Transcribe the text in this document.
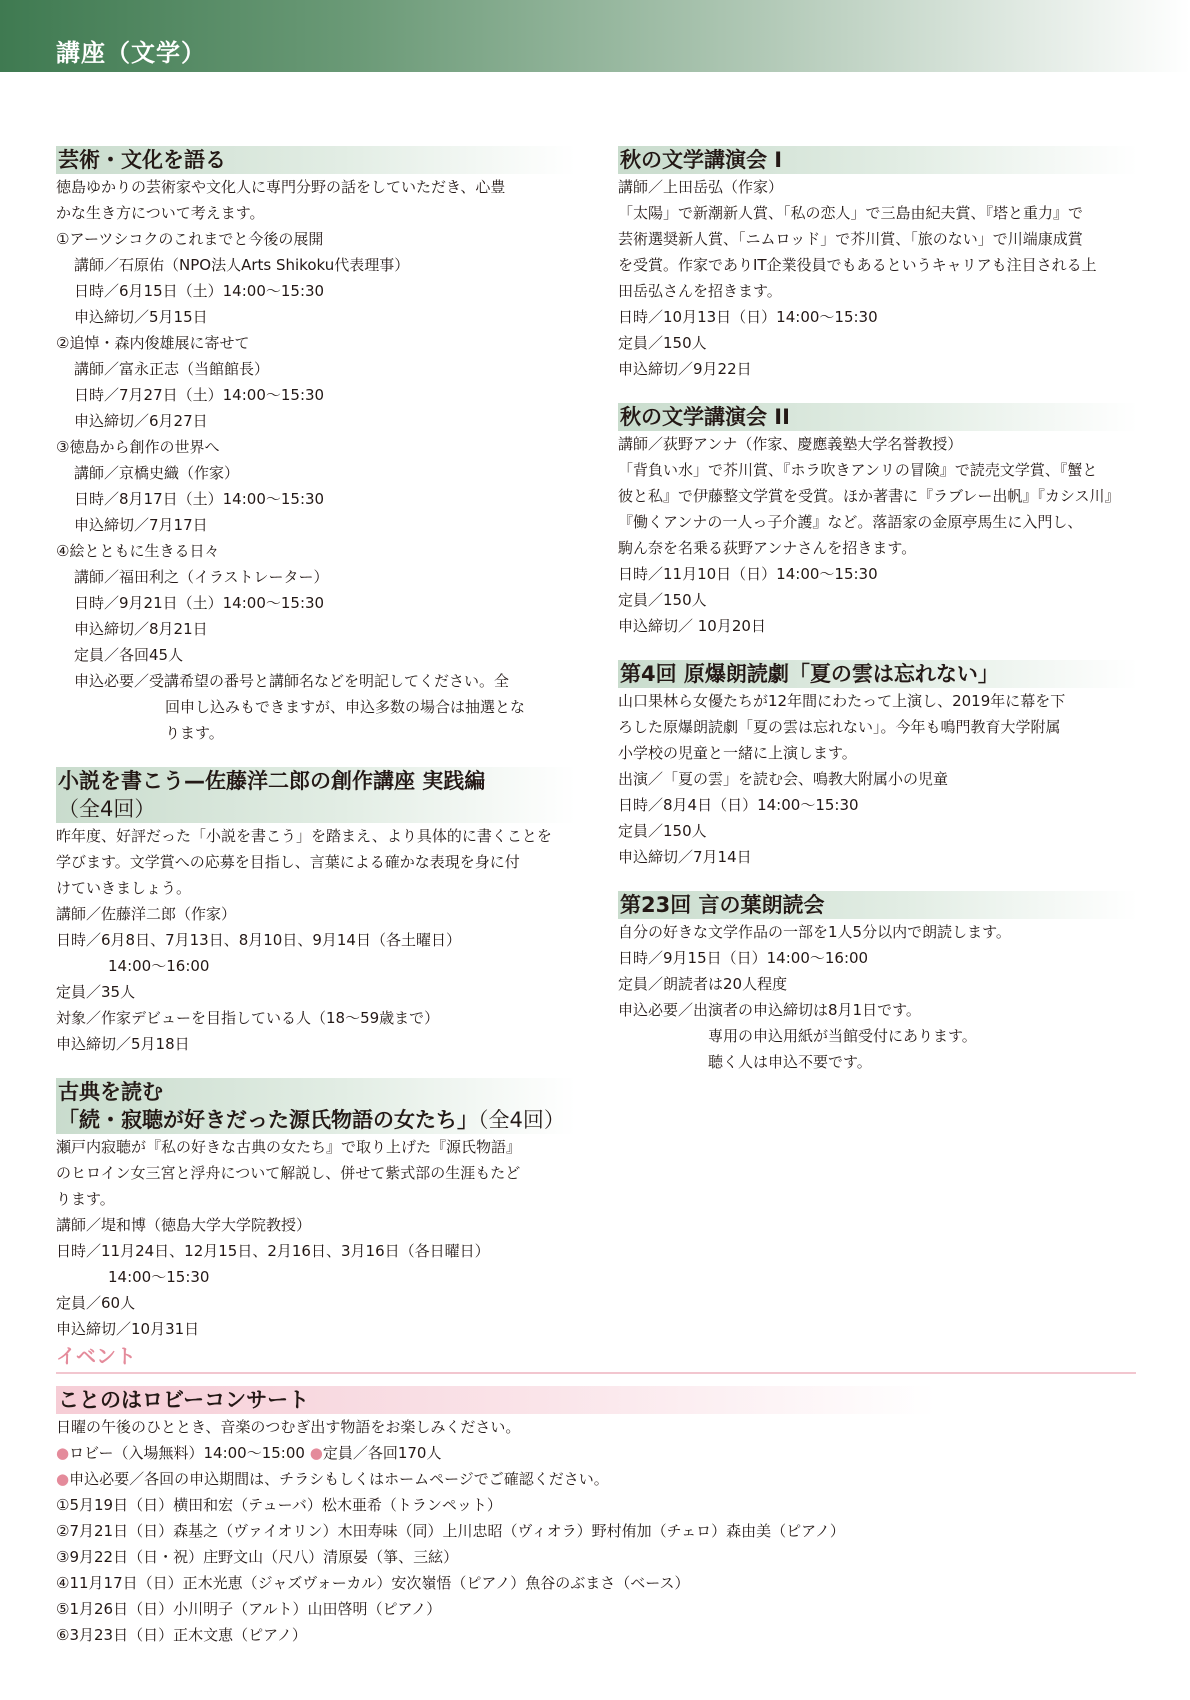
講座（文学）
芸術・文化を語る
徳島ゆかりの芸術家や文化人に専門分野の話をしていただき、心豊
かな生き方について考えます。
①アーツシコクのこれまでと今後の展開
講師／石原佑（NPO法人Arts Shikoku代表理事）
日時／6月15日（土）14:00〜15:30
申込締切／5月15日
②追悼・森内俊雄展に寄せて
講師／富永正志（当館館長）
日時／7月27日（土）14:00〜15:30
申込締切／6月27日
③徳島から創作の世界へ
講師／京橋史織（作家）
日時／8月17日（土）14:00〜15:30
申込締切／7月17日
④絵とともに生きる日々
講師／福田利之（イラストレーター）
日時／9月21日（土）14:00〜15:30
申込締切／8月21日
定員／各回45人
申込必要／受講希望の番号と講師名などを明記してください。全
回申し込みもできますが、申込多数の場合は抽選とな
ります。
小説を書こう—佐藤洋二郎の創作講座 実践編（全4回）
昨年度、好評だった「小説を書こう」を踏まえ、より具体的に書くことを
学びます。文学賞への応募を目指し、言葉による確かな表現を身に付
けていきましょう。
講師／佐藤洋二郎（作家）
日時／6月8日、7月13日、8月10日、9月14日（各土曜日）
14:00〜16:00
定員／35人
対象／作家デビューを目指している人（18〜59歳まで）
申込締切／5月18日
古典を読む
「続・寂聴が好きだった源氏物語の女たち」（全4回）
瀬戸内寂聴が『私の好きな古典の女たち』で取り上げた『源氏物語』
のヒロイン女三宮と浮舟について解説し、併せて紫式部の生涯もたど
ります。
講師／堤和博（徳島大学大学院教授）
日時／11月24日、12月15日、2月16日、3月16日（各日曜日）
14:00〜15:30
定員／60人
申込締切／10月31日
秋の文学講演会 I
講師／上田岳弘（作家）
「太陽」で新潮新人賞、「私の恋人」で三島由紀夫賞、『塔と重力』で
芸術選奨新人賞、「ニムロッド」で芥川賞、「旅のない」で川端康成賞
を受賞。作家でありIT企業役員でもあるというキャリアも注目される上
田岳弘さんを招きます。
日時／10月13日（日）14:00〜15:30
定員／150人
申込締切／9月22日
秋の文学講演会 II
講師／荻野アンナ（作家、慶應義塾大学名誉教授）
「背負い水」で芥川賞、『ホラ吹きアンリの冒険』で読売文学賞、『蟹と
彼と私』で伊藤整文学賞を受賞。ほか著書に『ラブレー出帆』『カシス川』
『働くアンナの一人っ子介護』など。落語家の金原亭馬生に入門し、
駒ん奈を名乗る荻野アンナさんを招きます。
日時／11月10日（日）14:00〜15:30
定員／150人
申込締切／ 10月20日
第4回 原爆朗読劇「夏の雲は忘れない」
山口果林ら女優たちが12年間にわたって上演し、2019年に幕を下
ろした原爆朗読劇「夏の雲は忘れない」。今年も鳴門教育大学附属
小学校の児童と一緒に上演します。
出演／「夏の雲」を読む会、鳴教大附属小の児童
日時／8月4日（日）14:00〜15:30
定員／150人
申込締切／7月14日
第23回 言の葉朗読会
自分の好きな文学作品の一部を1人5分以内で朗読します。
日時／9月15日（日）14:00〜16:00
定員／朗読者は20人程度
申込必要／出演者の申込締切は8月1日です。
専用の申込用紙が当館受付にあります。
聴く人は申込不要です。
イベント
ことのはロビーコンサート
日曜の午後のひととき、音楽のつむぎ出す物語をお楽しみください。
●ロビー（入場無料）14:00〜15:00 ●定員／各回170人
●申込必要／各回の申込期間は、チラシもしくはホームページでご確認ください。
①5月19日（日）横田和宏（テューバ）松木亜希（トランペット）
②7月21日（日）森基之（ヴァイオリン）木田寿味（同）上川忠昭（ヴィオラ）野村侑加（チェロ）森由美（ピアノ）
③9月22日（日・祝）庄野文山（尺八）清原晏（箏、三絃）
④11月17日（日）正木光恵（ジャズヴォーカル）安次嶺悟（ピアノ）魚谷のぶまさ（ベース）
⑤1月26日（日）小川明子（アルト）山田啓明（ピアノ）
⑥3月23日（日）正木文恵（ピアノ）
